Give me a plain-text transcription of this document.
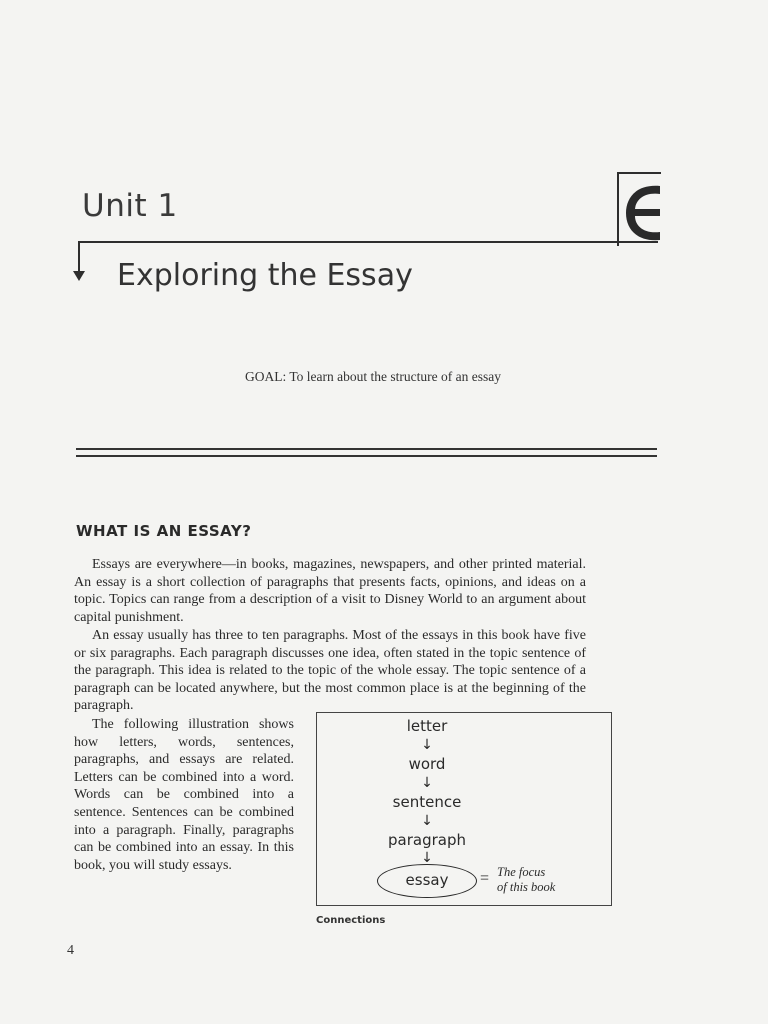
Unit 1
Exploring the Essay
GOAL: To learn about the structure of an essay
WHAT IS AN ESSAY?
Essays are everywhere—in books, magazines, newspapers, and other printed material. An essay is a short collection of paragraphs that presents facts, opinions, and ideas on a topic. Topics can range from a description of a visit to Disney World to an argument about capital punishment.
An essay usually has three to ten paragraphs. Most of the essays in this book have five or six paragraphs. Each paragraph discusses one idea, often stated in the topic sentence of the paragraph. This idea is related to the topic of the whole essay. The topic sentence of a paragraph can be located anywhere, but the most common place is at the beginning of the paragraph.
The following illustration shows how letters, words, sentences, paragraphs, and essays are related. Letters can be combined into a word. Words can be combined into a sentence. Sentences can be combined into a paragraph. Finally, paragraphs can be combined into an essay. In this book, you will study essays.
letter
↓
word
↓
sentence
↓
paragraph
↓
essay	= The focus
of this book
Connections
4
